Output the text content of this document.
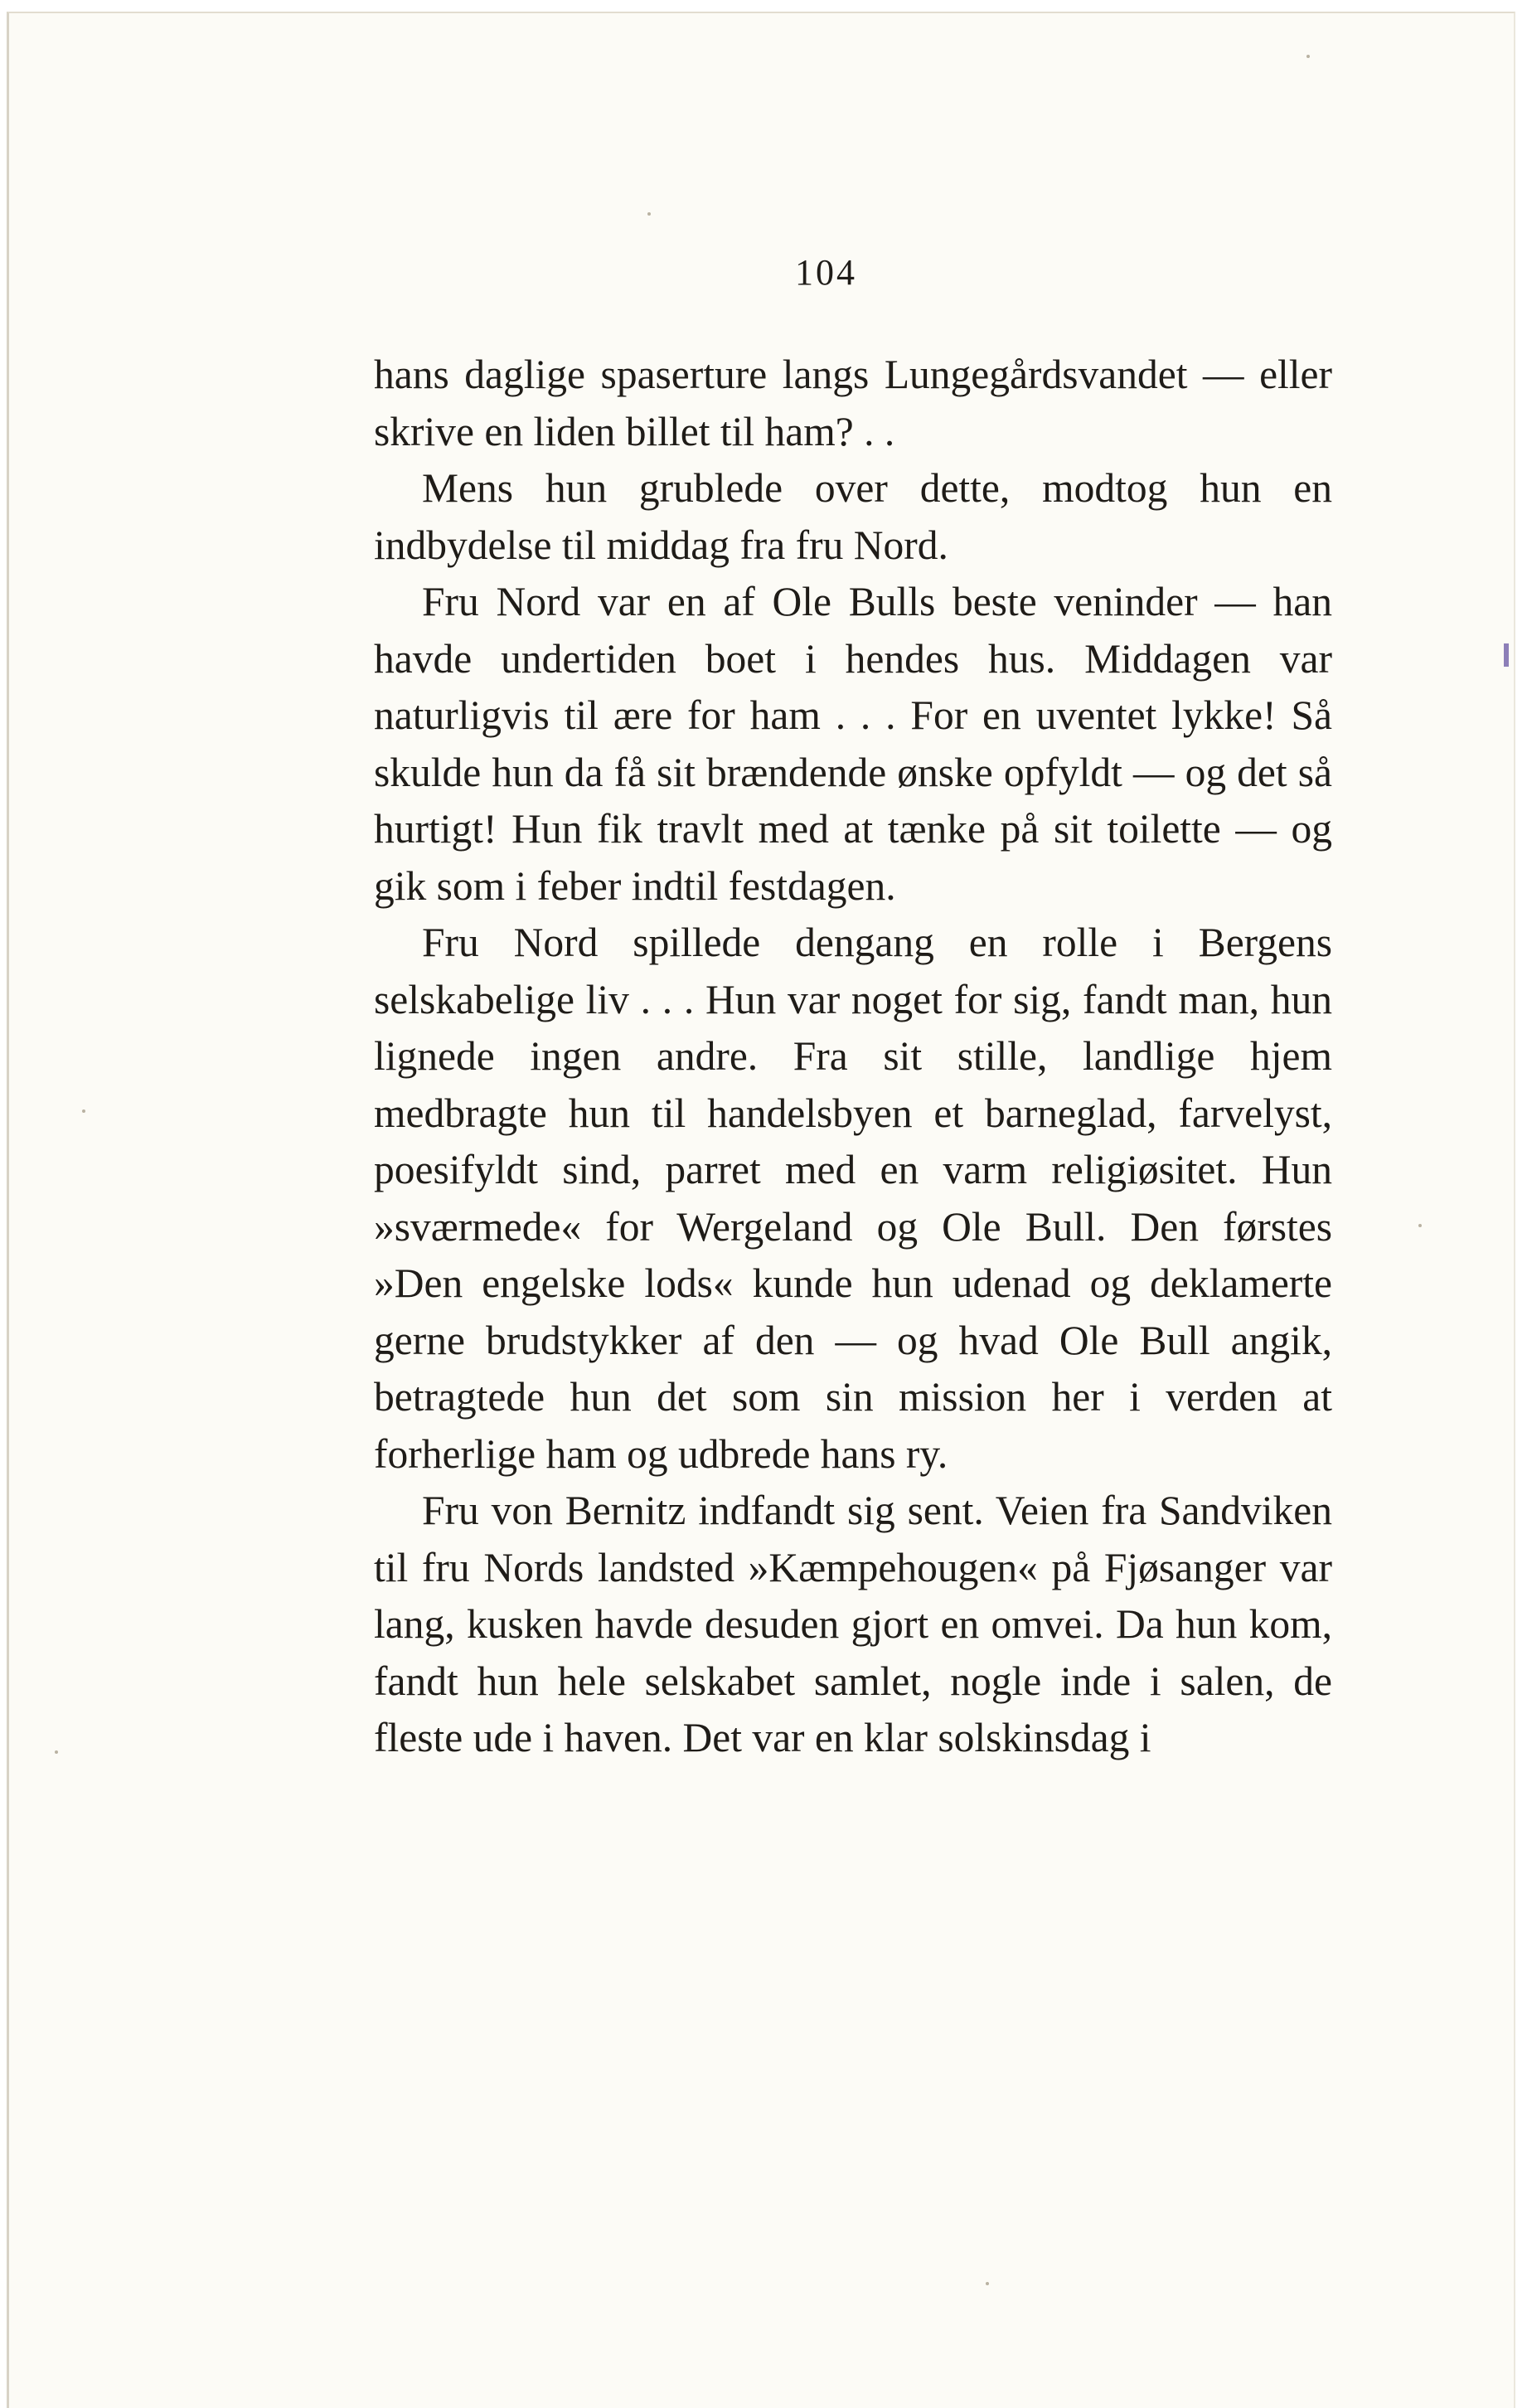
104

hans daglige spaserture langs Lungegårdsvandet — eller skrive en liden billet til ham? . .

Mens hun grublede over dette, modtog hun en indbydelse til middag fra fru Nord.

Fru Nord var en af Ole Bulls beste veninder — han havde undertiden boet i hendes hus. Middagen var naturligvis til ære for ham . . . For en uventet lykke! Så skulde hun da få sit brændende ønske opfyldt — og det så hurtigt! Hun fik travlt med at tænke på sit toilette — og gik som i feber indtil festdagen.

Fru Nord spillede dengang en rolle i Bergens selskabelige liv . . . Hun var noget for sig, fandt man, hun lignede ingen andre. Fra sit stille, landlige hjem medbragte hun til handelsbyen et barneglad, farvelyst, poesifyldt sind, parret med en varm religiøsitet. Hun »sværmede« for Wergeland og Ole Bull. Den førstes »Den engelske lods« kunde hun udenad og deklamerte gerne brudstykker af den — og hvad Ole Bull angik, betragtede hun det som sin mission her i verden at forherlige ham og udbrede hans ry.

Fru von Bernitz indfandt sig sent. Veien fra Sandviken til fru Nords landsted »Kæmpehougen« på Fjøsanger var lang, kusken havde desuden gjort en omvei. Da hun kom, fandt hun hele selskabet samlet, nogle inde i salen, de fleste ude i haven. Det var en klar solskinsdag i
